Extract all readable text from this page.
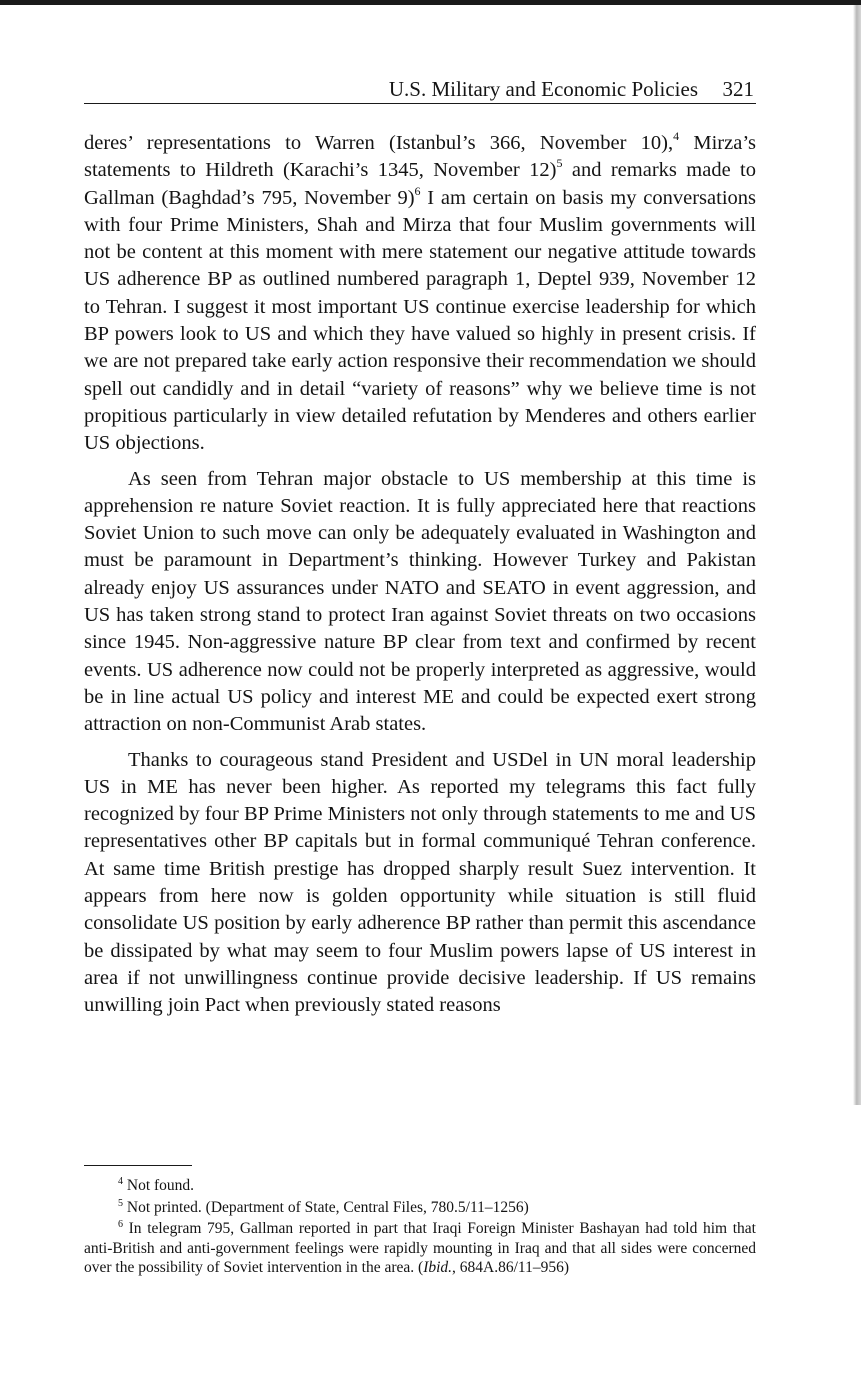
U.S. Military and Economic Policies 321

deres’ representations to Warren (Istanbul’s 366, November 10),$^4$ Mirza’s statements to Hildreth (Karachi’s 1345, November 12)$^5$ and remarks made to Gallman (Baghdad’s 795, November 9)$^6$ I am certain on basis my conversations with four Prime Ministers, Shah and Mirza that four Muslim governments will not be content at this moment with mere statement our negative attitude towards US adherence BP as outlined numbered paragraph 1, Deptel 939, November 12 to Tehran. I suggest it most important US continue exercise leadership for which BP powers look to US and which they have valued so highly in present crisis. If we are not prepared take early action responsive their recommendation we should spell out candidly and in detail “variety of reasons” why we believe time is not propitious particularly in view detailed refutation by Menderes and others earlier US objections.

As seen from Tehran major obstacle to US membership at this time is apprehension re nature Soviet reaction. It is fully appreciated here that reactions Soviet Union to such move can only be adequately evaluated in Washington and must be paramount in Department’s thinking. However Turkey and Pakistan already enjoy US assurances under NATO and SEATO in event aggression, and US has taken strong stand to protect Iran against Soviet threats on two occasions since 1945. Non-aggressive nature BP clear from text and confirmed by recent events. US adherence now could not be properly interpreted as aggressive, would be in line actual US policy and interest ME and could be expected exert strong attraction on non-Communist Arab states.

Thanks to courageous stand President and USDel in UN moral leadership US in ME has never been higher. As reported my telegrams this fact fully recognized by four BP Prime Ministers not only through statements to me and US representatives other BP capitals but in formal communiqué Tehran conference. At same time British prestige has dropped sharply result Suez intervention. It appears from here now is golden opportunity while situation is still fluid consolidate US position by early adherence BP rather than permit this ascendance be dissipated by what may seem to four Muslim powers lapse of US interest in area if not unwillingness continue provide decisive leadership. If US remains unwilling join Pact when previously stated reasons

$^4$ Not found.

$^5$ Not printed. (Department of State, Central Files, 780.5/11–1256)

$^6$ In telegram 795, Gallman reported in part that Iraqi Foreign Minister Bashayan had told him that anti-British and anti-government feelings were rapidly mounting in Iraq and that all sides were concerned over the possibility of Soviet intervention in the area. (Ibid., 684A.86/11–956)
